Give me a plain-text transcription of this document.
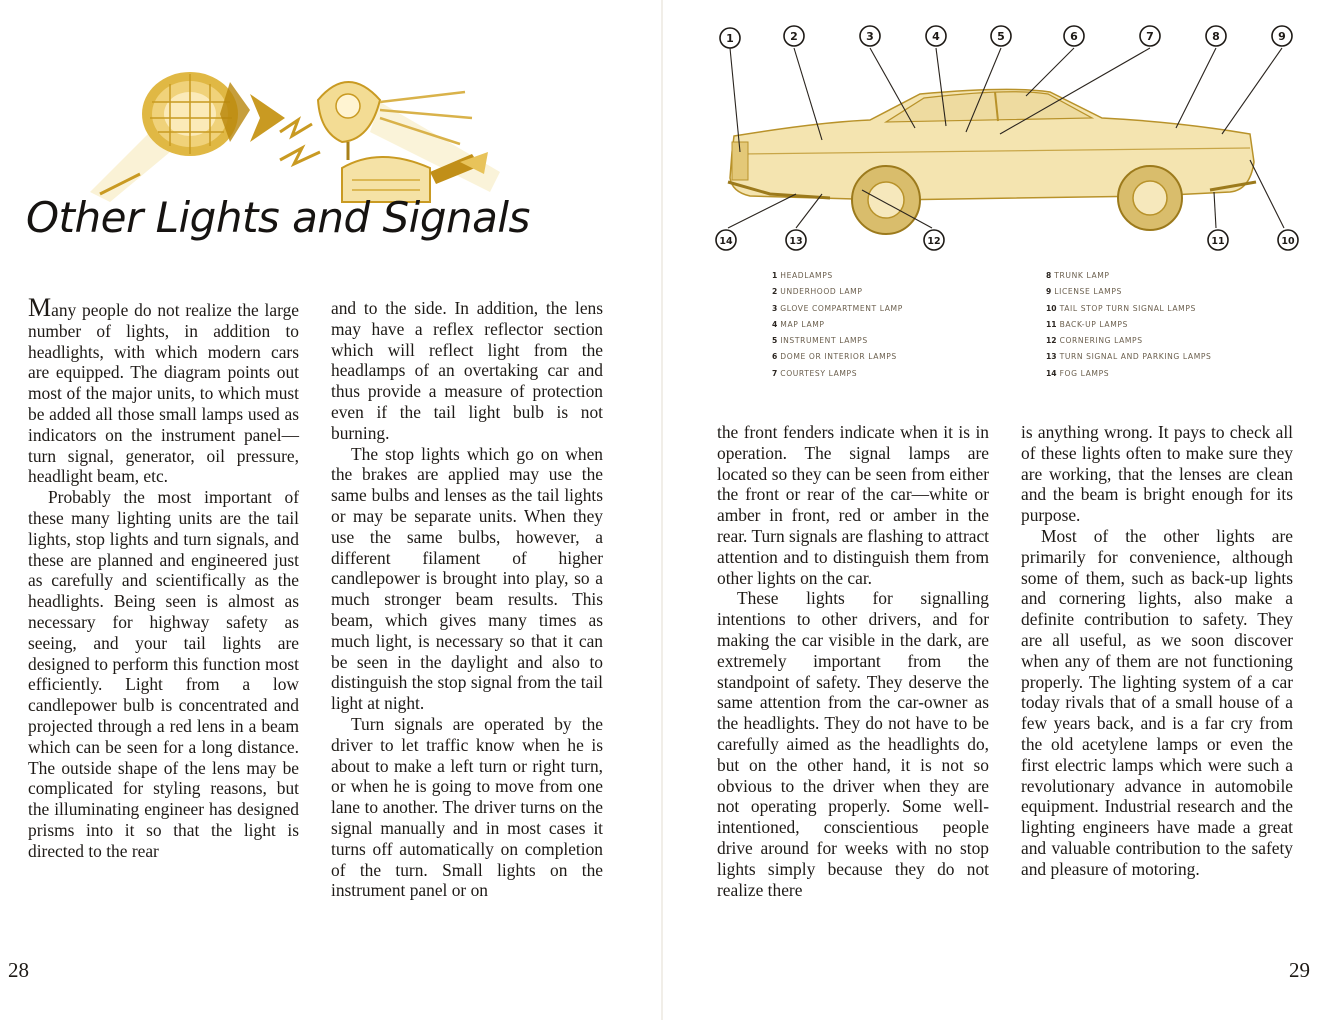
Other Lights and Signals

Many people do not realize the large number of lights, in addition to headlights, with which modern cars are equipped. The diagram points out most of the major units, to which must be added all those small lamps used as indicators on the instrument panel—turn signal, generator, oil pressure, headlight beam, etc.

Probably the most important of these many lighting units are the tail lights, stop lights and turn signals, and these are planned and engineered just as carefully and scientifically as the headlights. Being seen is almost as necessary for highway safety as seeing, and your tail lights are designed to perform this function most efficiently. Light from a low candlepower bulb is concentrated and projected through a red lens in a beam which can be seen for a long distance. The outside shape of the lens may be complicated for styling reasons, but the illuminating engineer has designed prisms into it so that the light is directed to the rear

and to the side. In addition, the lens may have a reflex reflector section which will reflect light from the headlamps of an overtaking car and thus provide a measure of protection even if the tail light bulb is not burning.

The stop lights which go on when the brakes are applied may use the same bulbs and lenses as the tail lights or may be separate units. When they use the same bulbs, however, a different filament of higher candlepower is brought into play, so a much stronger beam results. This beam, which gives many times as much light, is necessary so that it can be seen in the daylight and also to distinguish the stop signal from the tail light at night.

Turn signals are operated by the driver to let traffic know when he is about to make a left turn or right turn, or when he is going to move from one lane to another. The driver turns on the signal manually and in most cases it turns off automatically on completion of the turn. Small lights on the instrument panel or on

28
1	2	3	4	5	6	7	8	9
10
11
12
13
14
1 HEADLAMPS
2 UNDERHOOD LAMP
3 GLOVE COMPARTMENT LAMP
4 MAP LAMP
5 INSTRUMENT LAMPS
6 DOME OR INTERIOR LAMPS
7 COURTESY LAMPS
8 TRUNK LAMP
9 LICENSE LAMPS
10 TAIL STOP TURN SIGNAL LAMPS
11 BACK-UP LAMPS
12 CORNERING LAMPS
13 TURN SIGNAL AND PARKING LAMPS
14 FOG LAMPS

the front fenders indicate when it is in operation. The signal lamps are located so they can be seen from either the front or rear of the car—white or amber in front, red or amber in the rear. Turn signals are flashing to attract attention and to distinguish them from other lights on the car.

These lights for signalling intentions to other drivers, and for making the car visible in the dark, are extremely important from the standpoint of safety. They deserve the same attention from the car-owner as the headlights. They do not have to be carefully aimed as the headlights do, but on the other hand, it is not so obvious to the driver when they are not operating properly. Some well-intentioned, conscientious people drive around for weeks with no stop lights simply because they do not realize there

is anything wrong. It pays to check all of these lights often to make sure they are working, that the lenses are clean and the beam is bright enough for its purpose.

Most of the other lights are primarily for convenience, although some of them, such as back-up lights and cornering lights, also make a definite contribution to safety. They are all useful, as we soon discover when any of them are not functioning properly. The lighting system of a car today rivals that of a small house of a few years back, and is a far cry from the old acetylene lamps or even the first electric lamps which were such a revolutionary advance in automobile equipment. Industrial research and the lighting engineers have made a great and valuable contribution to the safety and pleasure of motoring.

29
